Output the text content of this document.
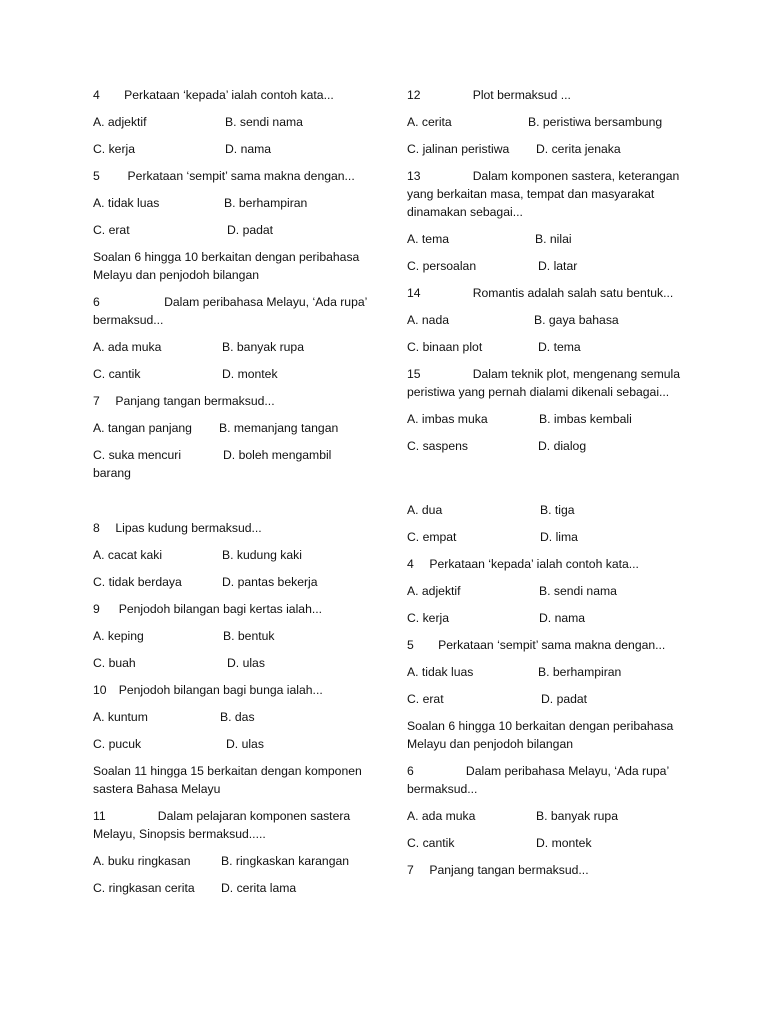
4  Perkataan ‘kepada’ ialah contoh kata...
A. adjektif	B. sendi nama
C. kerja	D. nama
5   Perkataan ‘sempit’ sama makna dengan...
A. tidak luas	B. berhampiran
C. erat	D. padat
Soalan 6 hingga 10 berkaitan dengan peribahasa Melayu dan penjodoh bilangan
6      Dalam peribahasa Melayu, ‘Ada rupa’ bermaksud...
A. ada muka	B. banyak rupa
C. cantik	D. montek
7  Panjang tangan bermaksud...
A. tangan panjang B. memanjang tangan
C. suka mencuri	D. boleh mengambil barang
8  Lipas kudung bermaksud...
A. cacat kaki	B. kudung kaki
C. tidak berdaya	D. pantas bekerja
9   Penjodoh bilangan bagi kertas ialah...
A. keping	B. bentuk
C. buah	D. ulas
10 Penjodoh bilangan bagi bunga ialah...
A. kuntum	B. das
C. pucuk	D. ulas
Soalan 11 hingga 15 berkaitan dengan komponen sastera Bahasa Melayu
11     Dalam pelajaran komponen sastera Melayu, Sinopsis bermaksud.....
A. buku ringkasan B. ringkaskan karangan
C. ringkasan cerita D. cerita lama
12     Plot bermaksud ...
A. cerita	B. peristiwa bersambung
C. jalinan peristiwa D. cerita jenaka
13     Dalam komponen sastera, keterangan yang berkaitan masa, tempat dan masyarakat dinamakan sebagai...
A. tema	B. nilai
C. persoalan	D. latar
14     Romantis adalah salah satu bentuk...
A. nada	B. gaya bahasa
C. binaan plot	D. tema
15     Dalam teknik plot, mengenang semula peristiwa yang pernah dialami dikenali sebagai...
A. imbas muka	B. imbas kembali
C. saspens	D. dialog
A. dua	B. tiga
C. empat	D. lima
4  Perkataan ‘kepada’ ialah contoh kata...
A. adjektif	B. sendi nama
C. kerja	D. nama
5  Perkataan ‘sempit’ sama makna dengan...
A. tidak luas	B. berhampiran
C. erat	D. padat
Soalan 6 hingga 10 berkaitan dengan peribahasa Melayu dan penjodoh bilangan
6     Dalam peribahasa Melayu, ‘Ada rupa’ bermaksud...
A. ada muka	B. banyak rupa
C. cantik	D. montek
7  Panjang tangan bermaksud...
